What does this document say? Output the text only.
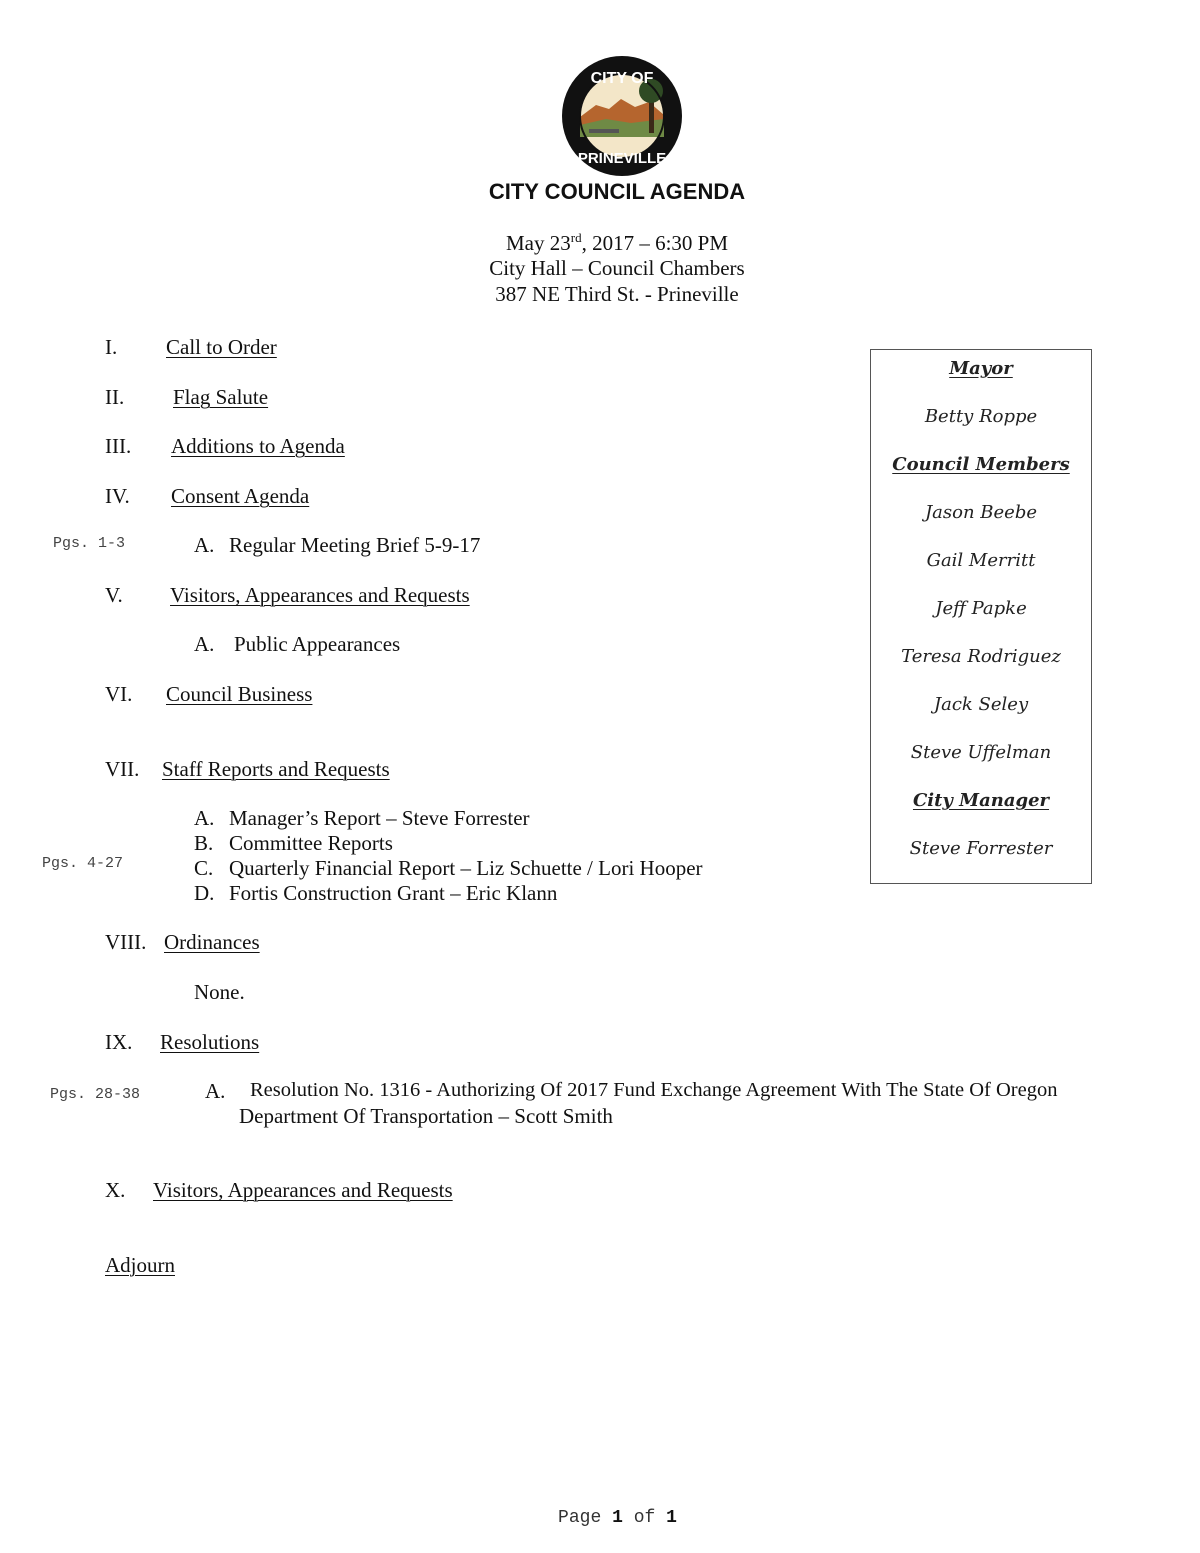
CITY OF
PRINEVILLE
CITY COUNCIL AGENDA
May 23rd, 2017 – 6:30 PM
City Hall – Council Chambers
387 NE Third St. - Prineville
I. Call to Order
II. Flag Salute
III. Additions to Agenda
IV. Consent Agenda
Pgs. 1-3	A. Regular Meeting Brief 5-9-17
V. Visitors, Appearances and Requests
A. Public Appearances
VI. Council Business
VII. Staff Reports and Requests
A. Manager’s Report – Steve Forrester
B. Committee Reports
Pgs. 4-27	C. Quarterly Financial Report – Liz Schuette / Lori Hooper
D. Fortis Construction Grant – Eric Klann
VIII. Ordinances
None.
IX. Resolutions
Pgs. 28-38	A. Resolution No. 1316 - Authorizing Of 2017 Fund Exchange Agreement With The State Of Oregon
Department Of Transportation – Scott Smith
X. Visitors, Appearances and Requests
Adjourn
Mayor
Betty Roppe
Council Members
Jason Beebe
Gail Merritt
Jeff Papke
Teresa Rodriguez
Jack Seley
Steve Uffelman
City Manager
Steve Forrester
Page 1 of 1
